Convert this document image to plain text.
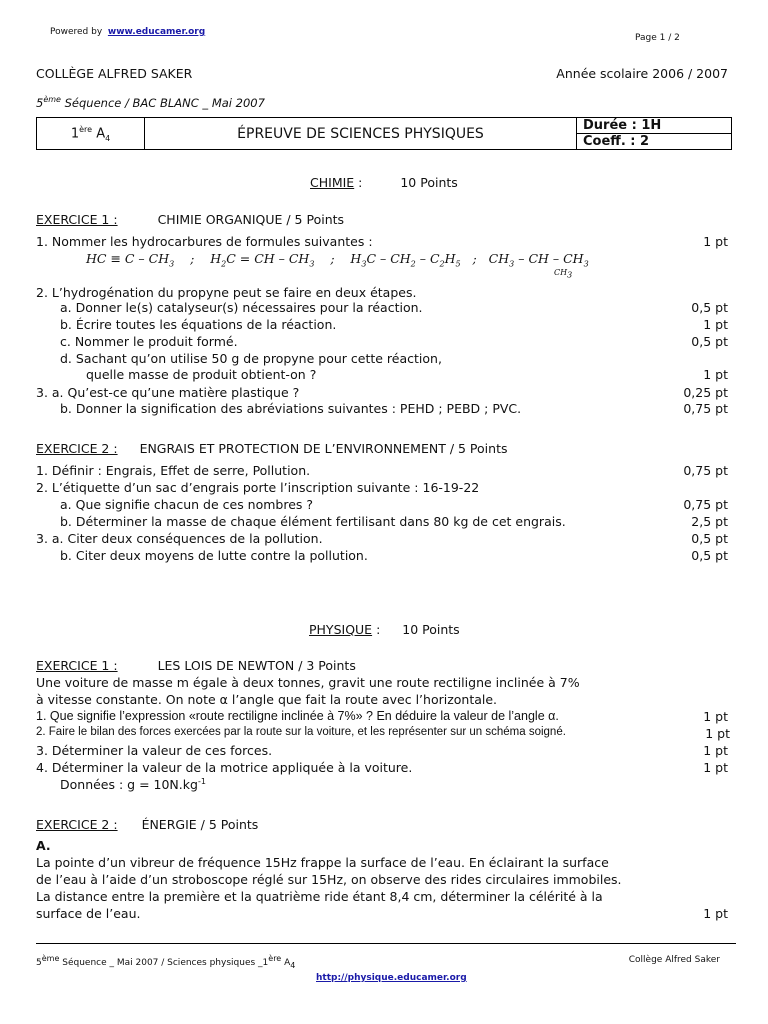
Powered by www.educamer.org
Page 1 / 2
COLLÈGE ALFRED SAKER	Année scolaire 2006 / 2007
5ème Séquence / BAC BLANC _ Mai 2007
1ère $A_4$	ÉPREUVE DE SCIENCES PHYSIQUES	Durée : 1H
Coeff. : 2
CHIMIE :	10 Points
EXERCICE 1 :	CHIMIE ORGANIQUE / 5 Points
1. Nommer les hydrocarbures de formules suivantes :	1 pt
HC ≡ C – $CH_3$    ;    $H_2C$ = CH – $CH_3$    ;    $H_3C - CH_2 - C_2H_5$   ;   $CH_3$ – CH – $CH_3$
$CH_3$
2. L’hydrogénation du propyne peut se faire en deux étapes.
a. Donner le(s) catalyseur(s) nécessaires pour la réaction.	0,5 pt
b. Écrire toutes les équations de la réaction.	1 pt
c. Nommer le produit formé.	0,5 pt
d. Sachant qu’on utilise 50 g de propyne pour cette réaction,
quelle masse de produit obtient-on ?	1 pt
3. a. Qu’est-ce qu’une matière plastique ?	0,25 pt
b. Donner la signification des abréviations suivantes : PEHD ; PEBD ; PVC.	0,75 pt
EXERCICE 2 : ENGRAIS ET PROTECTION DE L’ENVIRONNEMENT / 5 Points
1. Définir : Engrais, Effet de serre, Pollution.	0,75 pt
2. L’étiquette d’un sac d’engrais porte l’inscription suivante : 16-19-22
a. Que signifie chacun de ces nombres ?	0,75 pt
b. Déterminer la masse de chaque élément fertilisant dans 80 kg de cet engrais.	2,5 pt
3. a. Citer deux conséquences de la pollution.	0,5 pt
b. Citer deux moyens de lutte contre la pollution.	0,5 pt
PHYSIQUE : 10 Points
EXERCICE 1 :	LES LOIS DE NEWTON / 3 Points
Une voiture de masse m égale à deux tonnes, gravit une route rectiligne inclinée à 7%
à vitesse constante. On note α l’angle que fait la route avec l’horizontale.
1. Que signifie l’expression «route rectiligne inclinée à 7%» ? En déduire la valeur de l’angle α.	1 pt
2. Faire le bilan des forces exercées par la route sur la voiture, et les représenter sur un schéma soigné.	1 pt
3. Déterminer la valeur de ces forces.	1 pt
4. Déterminer la valeur de la motrice appliquée à la voiture.	1 pt
Données : $g = 10N.kg^{-1}$
EXERCICE 2 : ÉNERGIE / 5 Points
A.
La pointe d’un vibreur de fréquence 15Hz frappe la surface de l’eau. En éclairant la surface
de l’eau à l’aide d’un stroboscope réglé sur 15Hz, on observe des rides circulaires immobiles.
La distance entre la première et la quatrième ride étant 8,4 cm, déterminer la célérité à la
surface de l’eau.	1 pt
5ème Séquence _ Mai 2007 / Sciences physiques _1ère $A_4$
Collège Alfred Saker
http://physique.educamer.org
